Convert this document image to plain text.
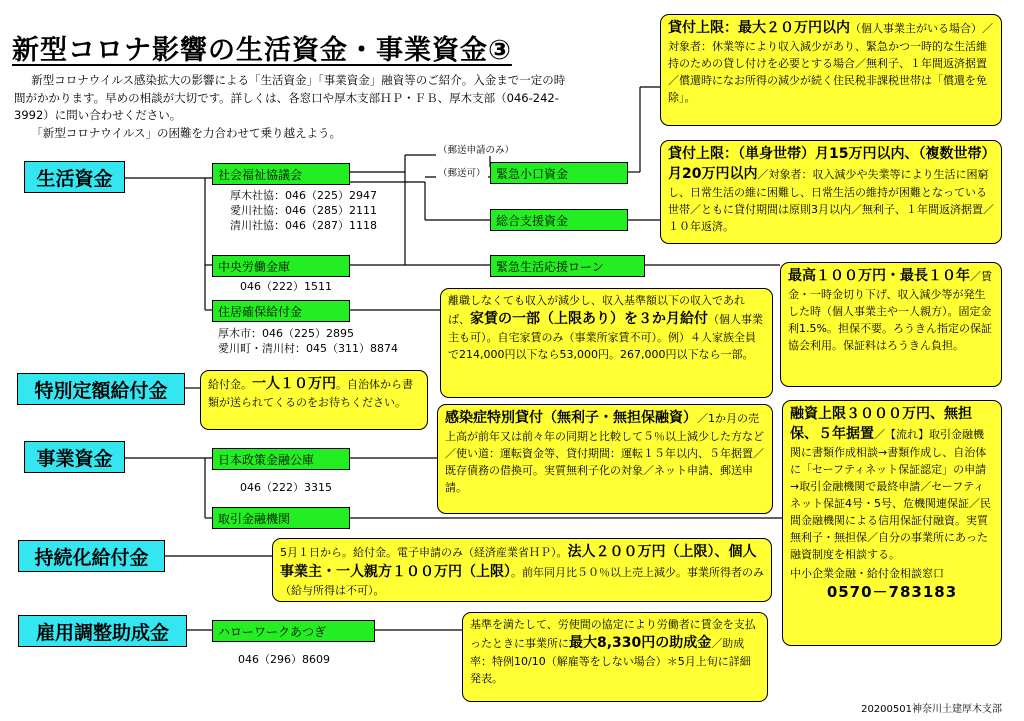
新型コロナ影響の生活資金・事業資金③
新型コロナウイルス感染拡大の影響による「生活資金」「事業資金」融資等のご紹介。入金まで一定の時間がかかります。早めの相談が大切です。詳しくは、各窓口や厚木支部ＨＰ・ＦＢ、厚木支部（046-242-3992）に問い合わせください。
「新型コロナウイルス」の困難を力合わせて乗り越えよう。
生活資金
特別定額給付金
事業資金
持続化給付金
雇用調整助成金
社会福祉協議会
厚木社協：046（225）2947
愛川社協：046（285）2111
清川社協：046（287）1118
中央労働金庫
046（222）1511
住居確保給付金
厚木市：046（225）2895
愛川町・清川村：045（311）8874
日本政策金融公庫
046（222）3315
取引金融機関
ハローワークあつぎ
046（296）8609
緊急小口資金
総合支援資金
緊急生活応援ローン
（郵送申請のみ）
（郵送可）
貸付上限：最大２０万円以内（個人事業主がいる場合）／対象者：休業等により収入減少があり、緊急かつ一時的な生活維持のための貸し付けを必要とする場合／無利子、１年間返済据置／償還時になお所得の減少が続く住民税非課税世帯は「償還を免除」。
貸付上限：（単身世帯）月15万円以内、（複数世帯）月20万円以内／対象者：収入減少や失業等により生活に困窮し、日常生活の維に困難し、日常生活の維持が困難となっている世帯／ともに貸付期間は原則3月以内／無利子、１年間返済据置／１０年返済。
最高１００万円・最長１０年／賃金・一時金切り下げ、収入減少等が発生した時（個人事業主や一人親方）。固定金利1.5%。担保不要。ろうきん指定の保証協会利用。保証料はろうきん負担。
離職しなくても収入が減少し、収入基準額以下の収入であれば、家賃の一部（上限あり）を３か月給付（個人事業主も可）。自宅家賃のみ（事業所家賃不可）。例）４人家族全員で214,000円以下なら53,000円。267,000円以下なら一部。
給付金。一人１０万円。自治体から書類が送られてくるのをお待ちください。
感染症特別貸付（無利子・無担保融資）／1か月の売上高が前年又は前々年の同期と比較して５％以上減少した方など／使い道：運転資金等、貸付期間：運転１５年以内、５年据置／既存債務の借換可。実質無利子化の対象／ネット申請、郵送申請。
融資上限３０００万円、無担保、５年据置／【流れ】取引金融機関に書類作成相談→書類作成し、自治体に「セーフティネット保証認定」の申請→取引金融機関で最終申請／セーフティネット保証4号・5号、危機関連保証／民間金融機関による信用保証付融資。実質無利子・無担保／自分の事業所にあった融資制度を相談する。
中小企業金融・給付金相談窓口
0570－783183
5月１日から。給付金。電子申請のみ（経済産業省ＨＰ）。法人２００万円（上限）、個人事業主・一人親方１００万円（上限）。前年同月比５０％以上売上減少。事業所得者のみ（給与所得は不可）。
基準を満たして、労使間の協定により労働者に賃金を支払ったときに事業所に最大8,330円の助成金／助成率：特例10/10（解雇等をしない場合）＊5月上旬に詳細発表。
20200501神奈川土建厚木支部
